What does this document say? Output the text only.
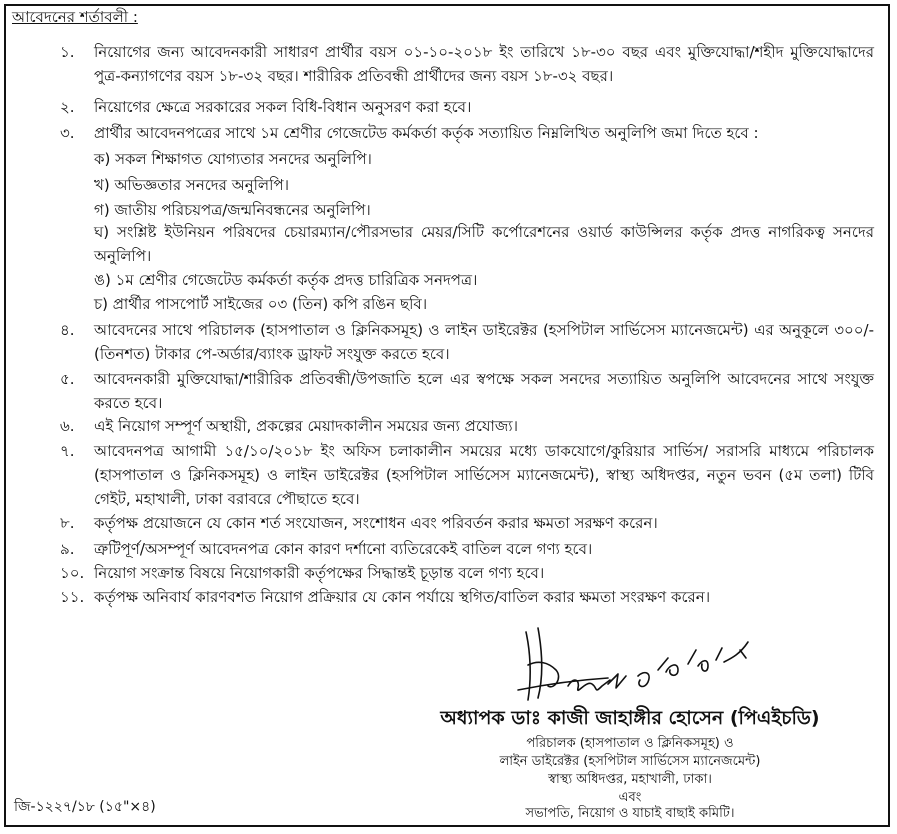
আবেদনের শর্তাবলী :
১.	নিয়োগের জন্য আবেদনকারী সাধারণ প্রার্থীর বয়স ০১-১০-২০১৮ ইং তারিখে ১৮-৩০ বছর এবং মুক্তিযোদ্ধা/শহীদ মুক্তিযোদ্ধাদের পুত্র-কন্যাগণের বয়স ১৮-৩২ বছর। শারীরিক প্রতিবন্ধী প্রার্থীদের জন্য বয়স ১৮-৩২ বছর।
২.	নিয়োগের ক্ষেত্রে সরকারের সকল বিধি-বিধান অনুসরণ করা হবে।
৩.	প্রার্থীর আবেদনপত্রের সাথে ১ম শ্রেণীর গেজেটেড কর্মকর্তা কর্তৃক সত্যায়িত নিম্নলিখিত অনুলিপি জমা দিতে হবে :
ক) সকল শিক্ষাগত যোগ্যতার সনদের অনুলিপি।
খ) অভিজ্ঞতার সনদের অনুলিপি।
গ) জাতীয় পরিচয়পত্র/জন্মনিবন্ধনের অনুলিপি।
ঘ) সংশ্লিষ্ট ইউনিয়ন পরিষদের চেয়ারম্যান/পৌরসভার মেয়র/সিটি কর্পোরেশনের ওয়ার্ড কাউন্সিলর কর্তৃক প্রদত্ত নাগরিকত্ব সনদের অনুলিপি।
ঙ) ১ম শ্রেণীর গেজেটেড কর্মকর্তা কর্তৃক প্রদত্ত চারিত্রিক সনদপত্র।
চ) প্রার্থীর পাসপোর্ট সাইজের ০৩ (তিন) কপি রঙিন ছবি।
৪.	আবেদনের সাথে পরিচালক (হাসপাতাল ও ক্লিনিকসমূহ) ও লাইন ডাইরেক্টর (হসপিটাল সার্ভিসেস ম্যানেজমেন্ট) এর অনুকূলে ৩০০/- (তিনশত) টাকার পে-অর্ডার/ব্যাংক ড্রাফট সংযুক্ত করতে হবে।
৫.	আবেদনকারী মুক্তিযোদ্ধা/শারীরিক প্রতিবন্ধী/উপজাতি হলে এর স্বপক্ষে সকল সনদের সত্যায়িত অনুলিপি আবেদনের সাথে সংযুক্ত করতে হবে।
৬.	এই নিয়োগ সম্পূর্ণ অস্থায়ী, প্রকল্পের মেয়াদকালীন সময়ের জন্য প্রযোজ্য।
৭.	আবেদনপত্র আগামী ১৫/১০/২০১৮ ইং অফিস চলাকালীন সময়ের মধ্যে ডাকযোগে/কুরিয়ার সার্ভিস/ সরাসরি মাধ্যমে পরিচালক (হাসপাতাল ও ক্লিনিকসমূহ) ও লাইন ডাইরেক্টর (হসপিটাল সার্ভিসেস ম্যানেজমেন্ট), স্বাস্থ্য অধিদপ্তর, নতুন ভবন (৫ম তলা) টিবি গেইট, মহাখালী, ঢাকা বরাবরে পৌছাতে হবে।
৮.	কর্তৃপক্ষ প্রয়োজনে যে কোন শর্ত সংযোজন, সংশোধন এবং পরিবর্তন করার ক্ষমতা সরক্ষণ করেন।
৯.	ত্রুটিপূর্ণ/অসম্পূর্ণ আবেদনপত্র কোন কারণ দর্শানো ব্যতিরেকেই বাতিল বলে গণ্য হবে।
১০. নিয়োগ সংক্রান্ত বিষয়ে নিয়োগকারী কর্তৃপক্ষের সিদ্ধান্তই চূড়ান্ত বলে গণ্য হবে।
১১. কর্তৃপক্ষ অনিবার্য কারণবশত নিয়োগ প্রক্রিয়ার যে কোন পর্যায়ে স্থগিত/বাতিল করার ক্ষমতা সংরক্ষণ করেন।
অধ্যাপক ডাঃ কাজী জাহাঙ্গীর হোসেন (পিএইচডি)
পরিচালক (হাসপাতাল ও ক্লিনিকসমূহ) ও
লাইন ডাইরেক্টর (হসপিটাল সার্ভিসেস ম্যানেজমেন্ট)
স্বাস্থ্য অধিদপ্তর, মহাখালী, ঢাকা।
এবং
সভাপতি, নিয়োগ ও যাচাই বাছাই কমিটি।
জি-১২২৭/১৮ (১৫"×৪)
